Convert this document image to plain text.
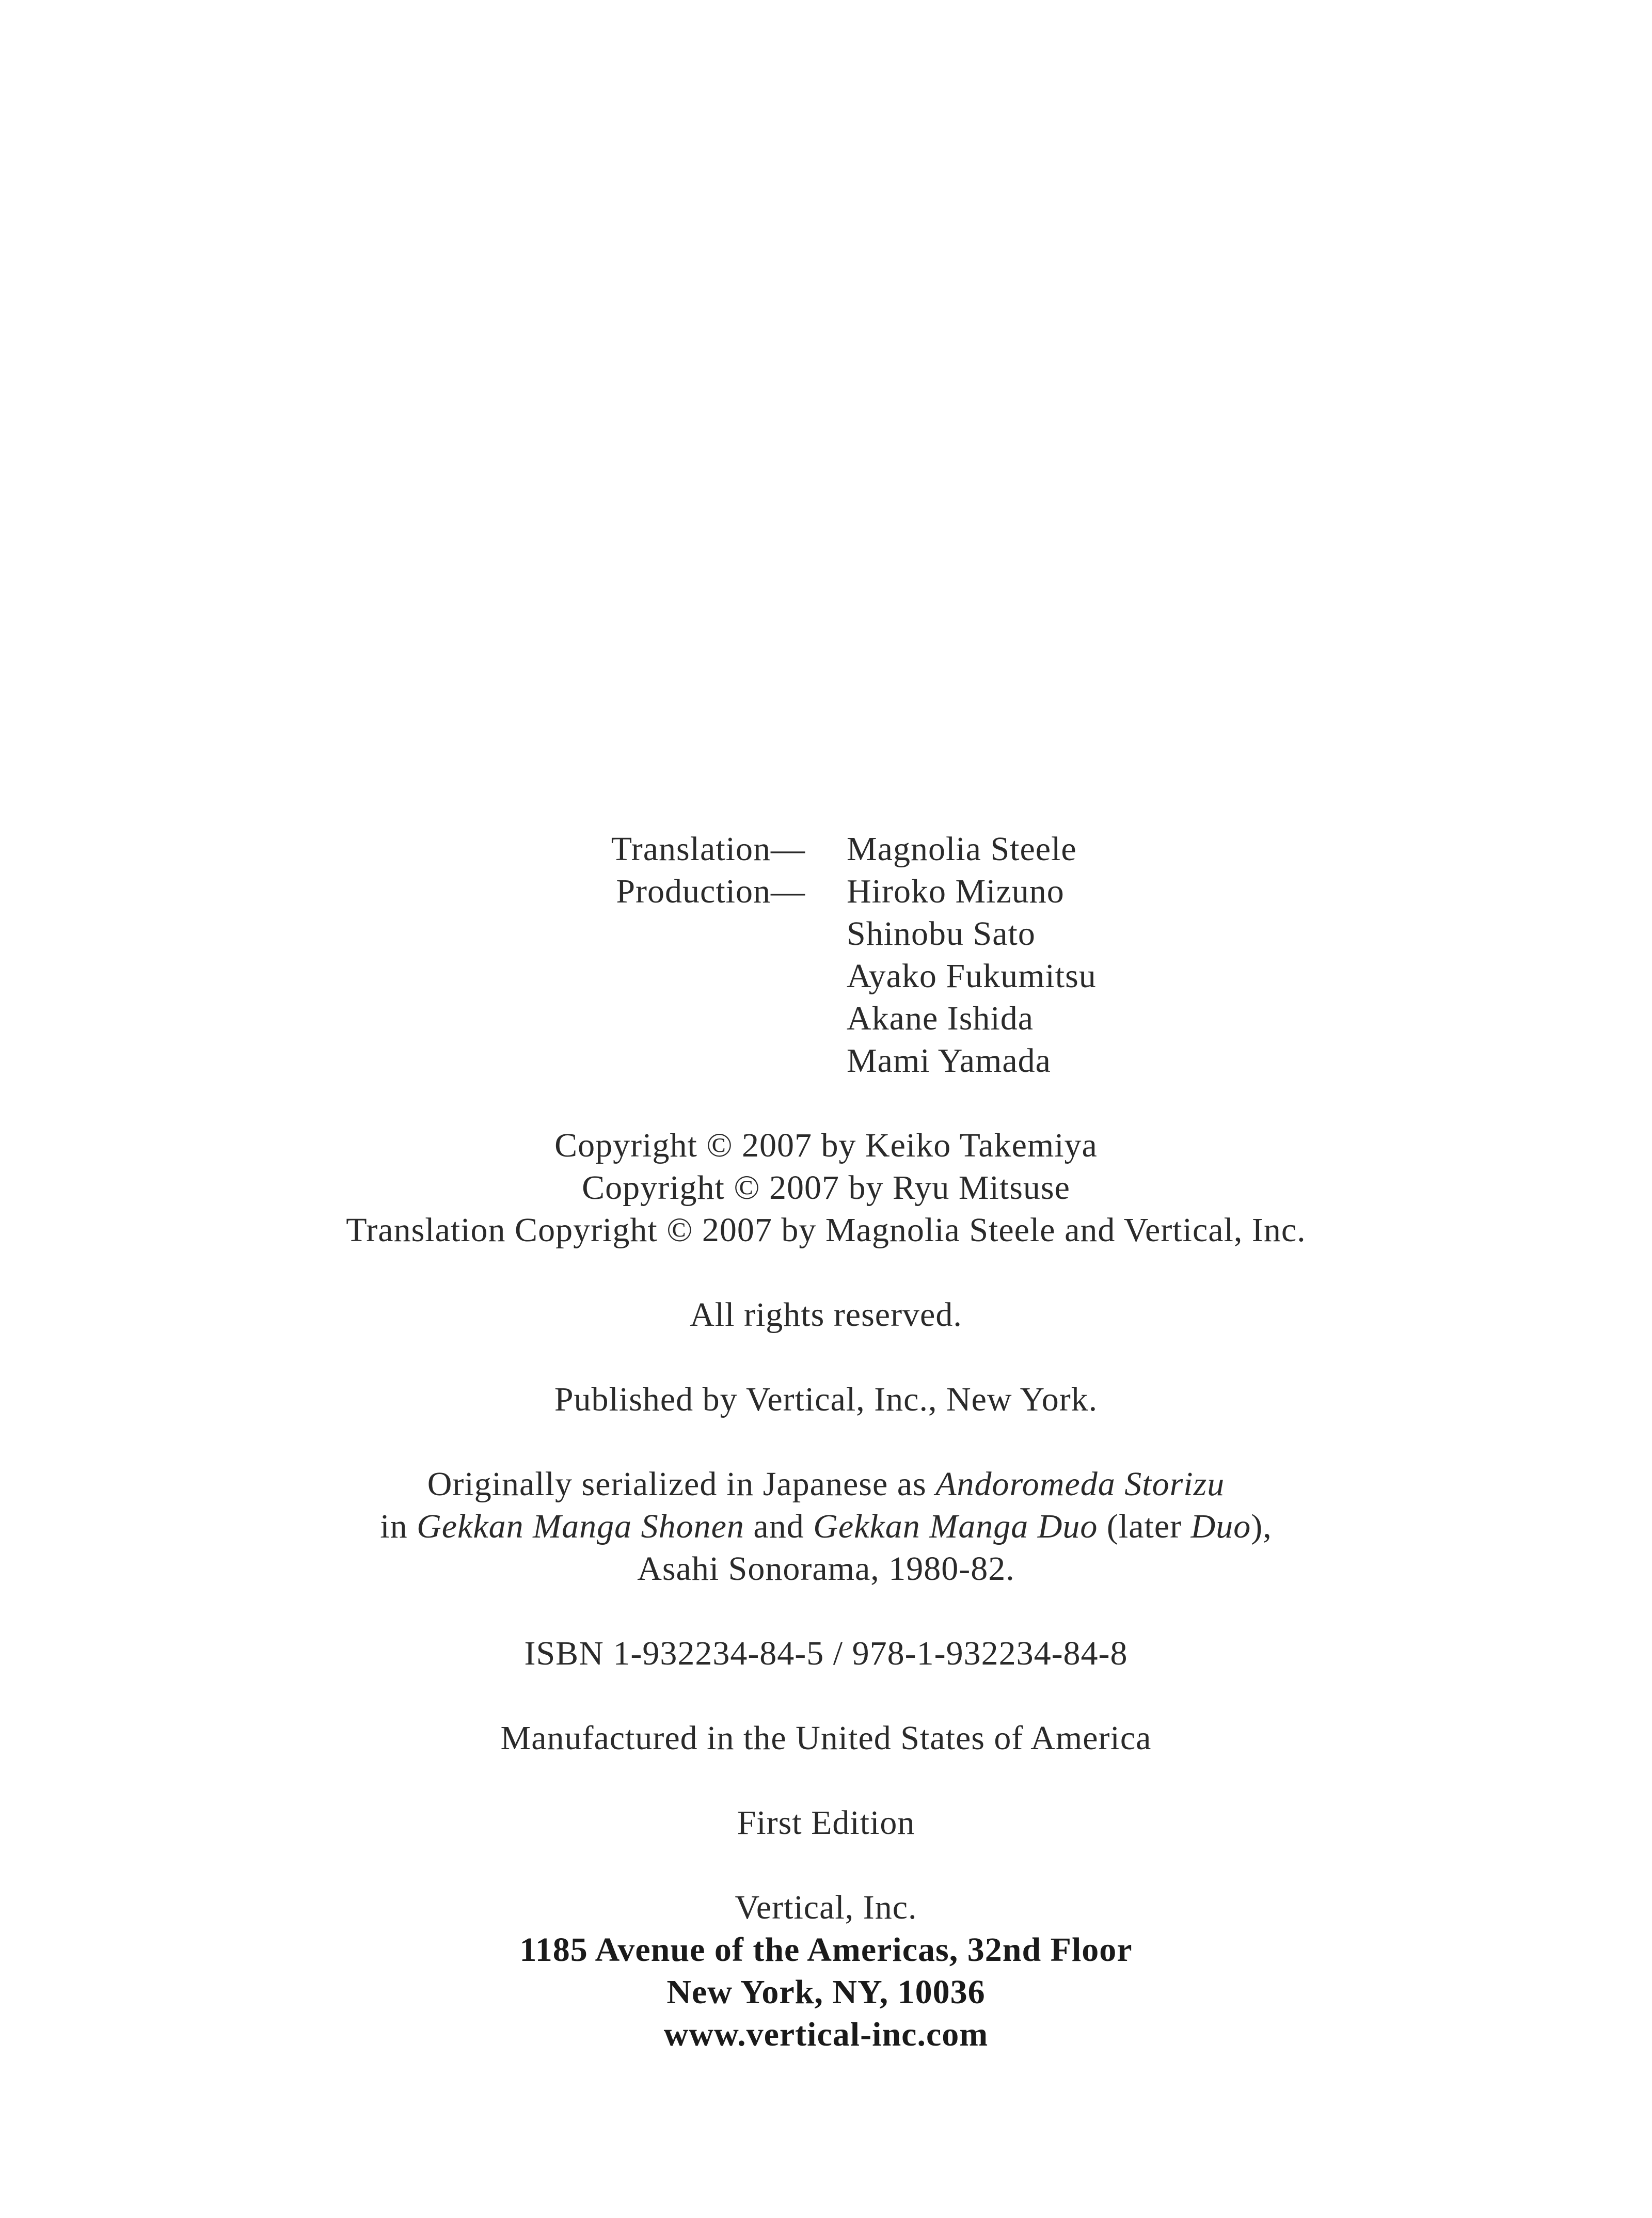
Translation —	Magnolia Steele
Production —	Hiroko Mizuno
Shinobu Sato
Ayako Fukumitsu
Akane Ishida
Mami Yamada
Copyright © 2007 by Keiko Takemiya
Copyright © 2007 by Ryu Mitsuse
Translation Copyright © 2007 by Magnolia Steele and Vertical, Inc.
All rights reserved.
Published by Vertical, Inc., New York.
Originally serialized in Japanese as Andoromeda Storizu
in Gekkan Manga Shonen and Gekkan Manga Duo (later Duo),
Asahi Sonorama, 1980-82.
ISBN 1-932234-84-5 / 978-1-932234-84-8
Manufactured in the United States of America
First Edition
Vertical, Inc.
1185 Avenue of the Americas, 32nd Floor
New York, NY, 10036
www.vertical-inc.com
